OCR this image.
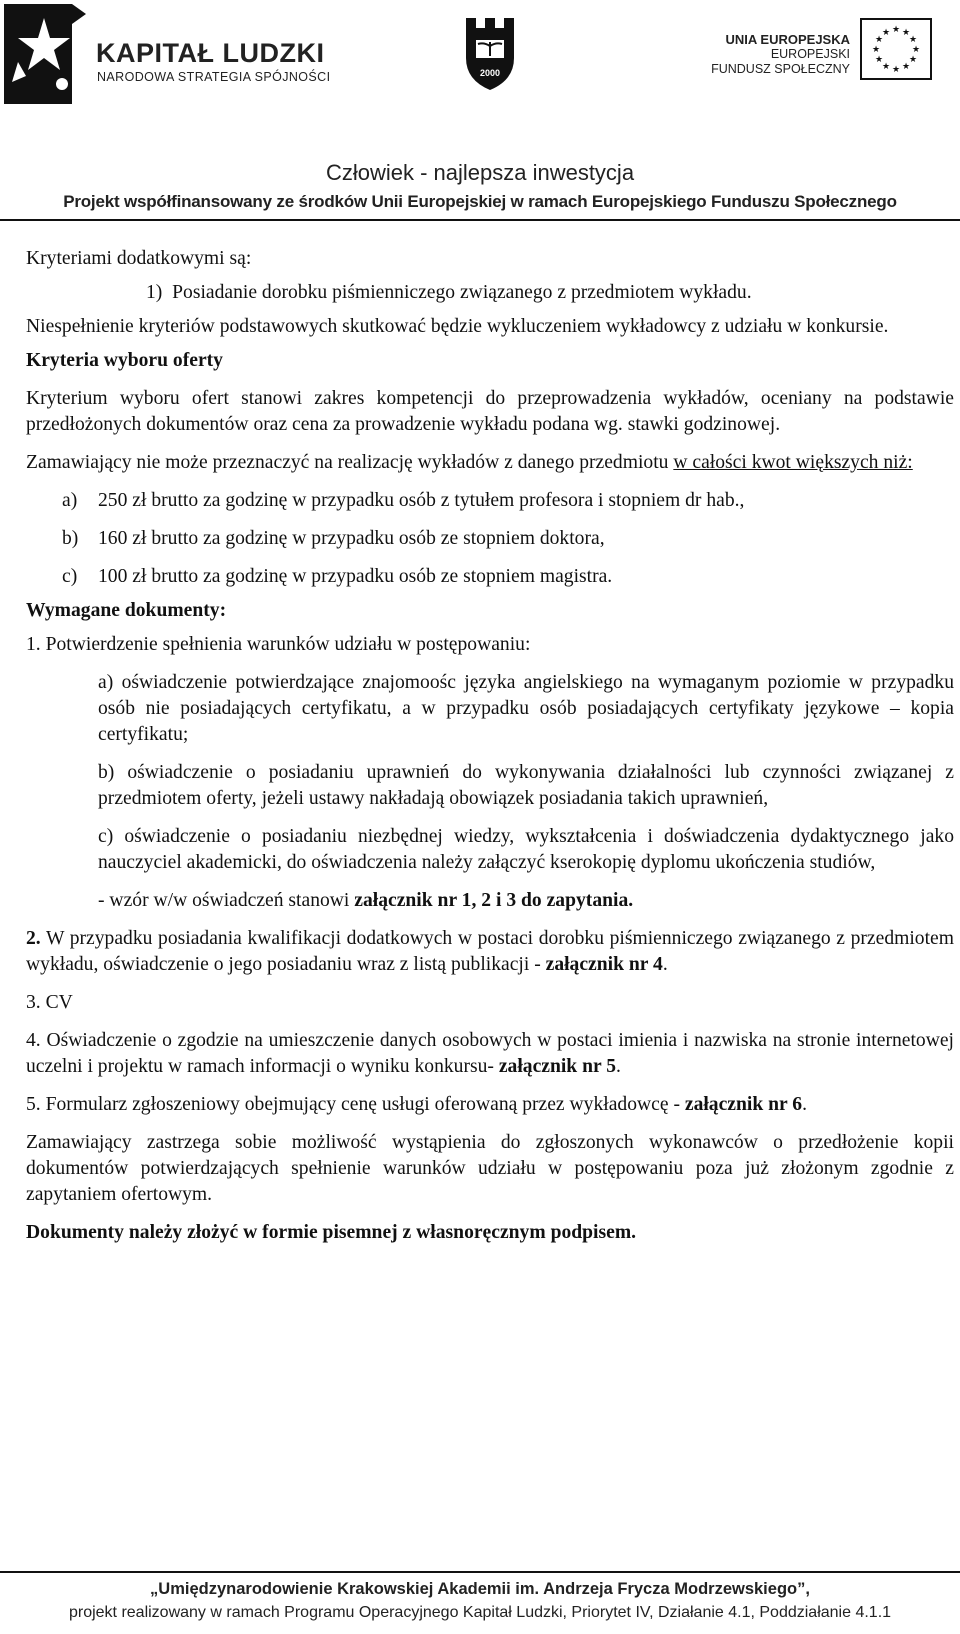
KAPITAŁ LUDZKI
NARODOWA STRATEGIA SPÓJNOŚCI	2000
UNIA EUROPEJSKA
EUROPEJSKI
FUNDUSZ SPOŁECZNY
★ ★
★
★
★
★
★
★
★
★
★
★
Człowiek - najlepsza inwestycja
Projekt współfinansowany ze środków Unii Europejskiej w ramach Europejskiego Funduszu Społecznego

Kryteriami dodatkowymi są:

1) Posiadanie dorobku piśmienniczego związanego z przedmiotem wykładu.

Niespełnienie kryteriów podstawowych skutkować będzie wykluczeniem wykładowcy z udziału w konkursie.

Kryteria wyboru oferty

Kryterium wyboru ofert stanowi zakres kompetencji do przeprowadzenia wykładów, oceniany na podstawie przedłożonych dokumentów oraz cena za prowadzenie wykładu podana wg. stawki godzinowej.

Zamawiający nie może przeznaczyć na realizację wykładów z danego przedmiotu w całości kwot większych niż:

a) 250 zł brutto za godzinę w przypadku osób z tytułem profesora i stopniem dr hab.,

b) 160 zł brutto za godzinę w przypadku osób ze stopniem doktora,

c) 100 zł brutto za godzinę w przypadku osób ze stopniem magistra.

Wymagane dokumenty:

1. Potwierdzenie spełnienia warunków udziału w postępowaniu:

a) oświadczenie potwierdzające znajomoośc języka angielskiego na wymaganym poziomie w przypadku osób nie posiadających certyfikatu, a w przypadku osób posiadających certyfikaty językowe – kopia certyfikatu;

b) oświadczenie o posiadaniu uprawnień do wykonywania działalności lub czynności związanej z przedmiotem oferty, jeżeli ustawy nakładają obowiązek posiadania takich uprawnień,

c) oświadczenie o posiadaniu niezbędnej wiedzy, wykształcenia i doświadczenia dydaktycznego jako nauczyciel akademicki, do oświadczenia należy załączyć kserokopię dyplomu ukończenia studiów,

- wzór w/w oświadczeń stanowi załącznik nr 1, 2 i 3 do zapytania.

2. W przypadku posiadania kwalifikacji dodatkowych w postaci dorobku piśmienniczego związanego z przedmiotem wykładu, oświadczenie o jego posiadaniu wraz z listą publikacji - załącznik nr 4.

3. CV

4. Oświadczenie o zgodzie na umieszczenie danych osobowych w postaci imienia i nazwiska na stronie internetowej uczelni i projektu w ramach informacji o wyniku konkursu- załącznik nr 5.

5. Formularz zgłoszeniowy obejmujący cenę usługi oferowaną przez wykładowcę - załącznik nr 6.

Zamawiający zastrzega sobie możliwość wystąpienia do zgłoszonych wykonawców o przedłożenie kopii dokumentów potwierdzających spełnienie warunków udziału w postępowaniu poza już złożonym zgodnie z zapytaniem ofertowym.

Dokumenty należy złożyć w formie pisemnej z własnoręcznym podpisem.

„Umiędzynarodowienie Krakowskiej Akademii im. Andrzeja Frycza Modrzewskiego”,
projekt realizowany w ramach Programu Operacyjnego Kapitał Ludzki, Priorytet IV, Działanie 4.1, Poddziałanie 4.1.1
